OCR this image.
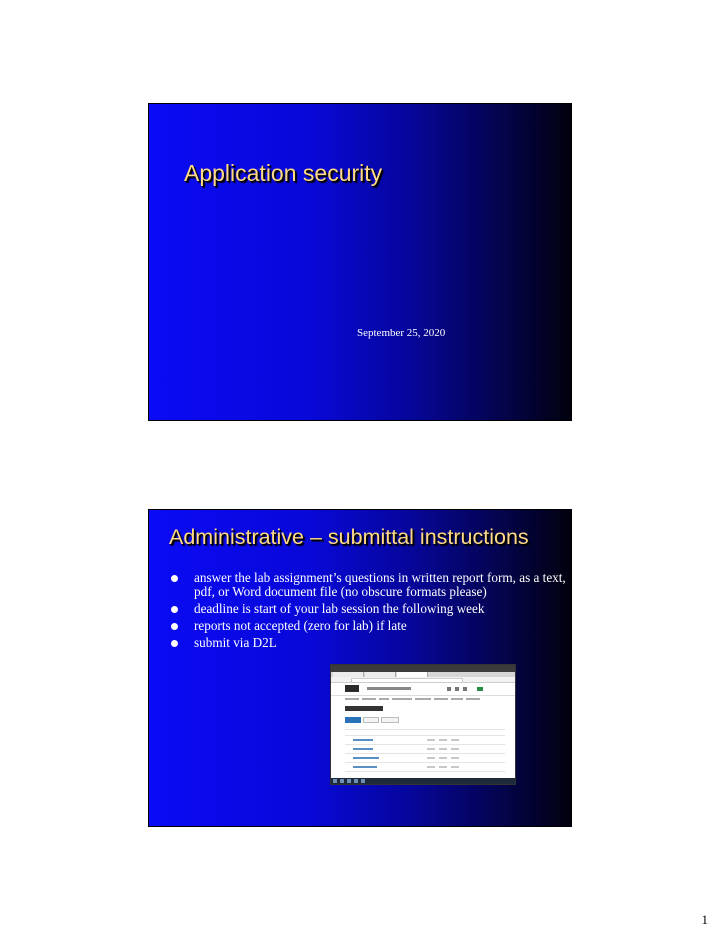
Application security

September 25, 2020

Administrative – submittal instructions
answer the lab assignment’s questions in written report form, as a text, pdf, or Word document file (no obscure formats please)
deadline is start of your lab session the following week
reports not accepted (zero for lab) if late
submit via D2L

1
